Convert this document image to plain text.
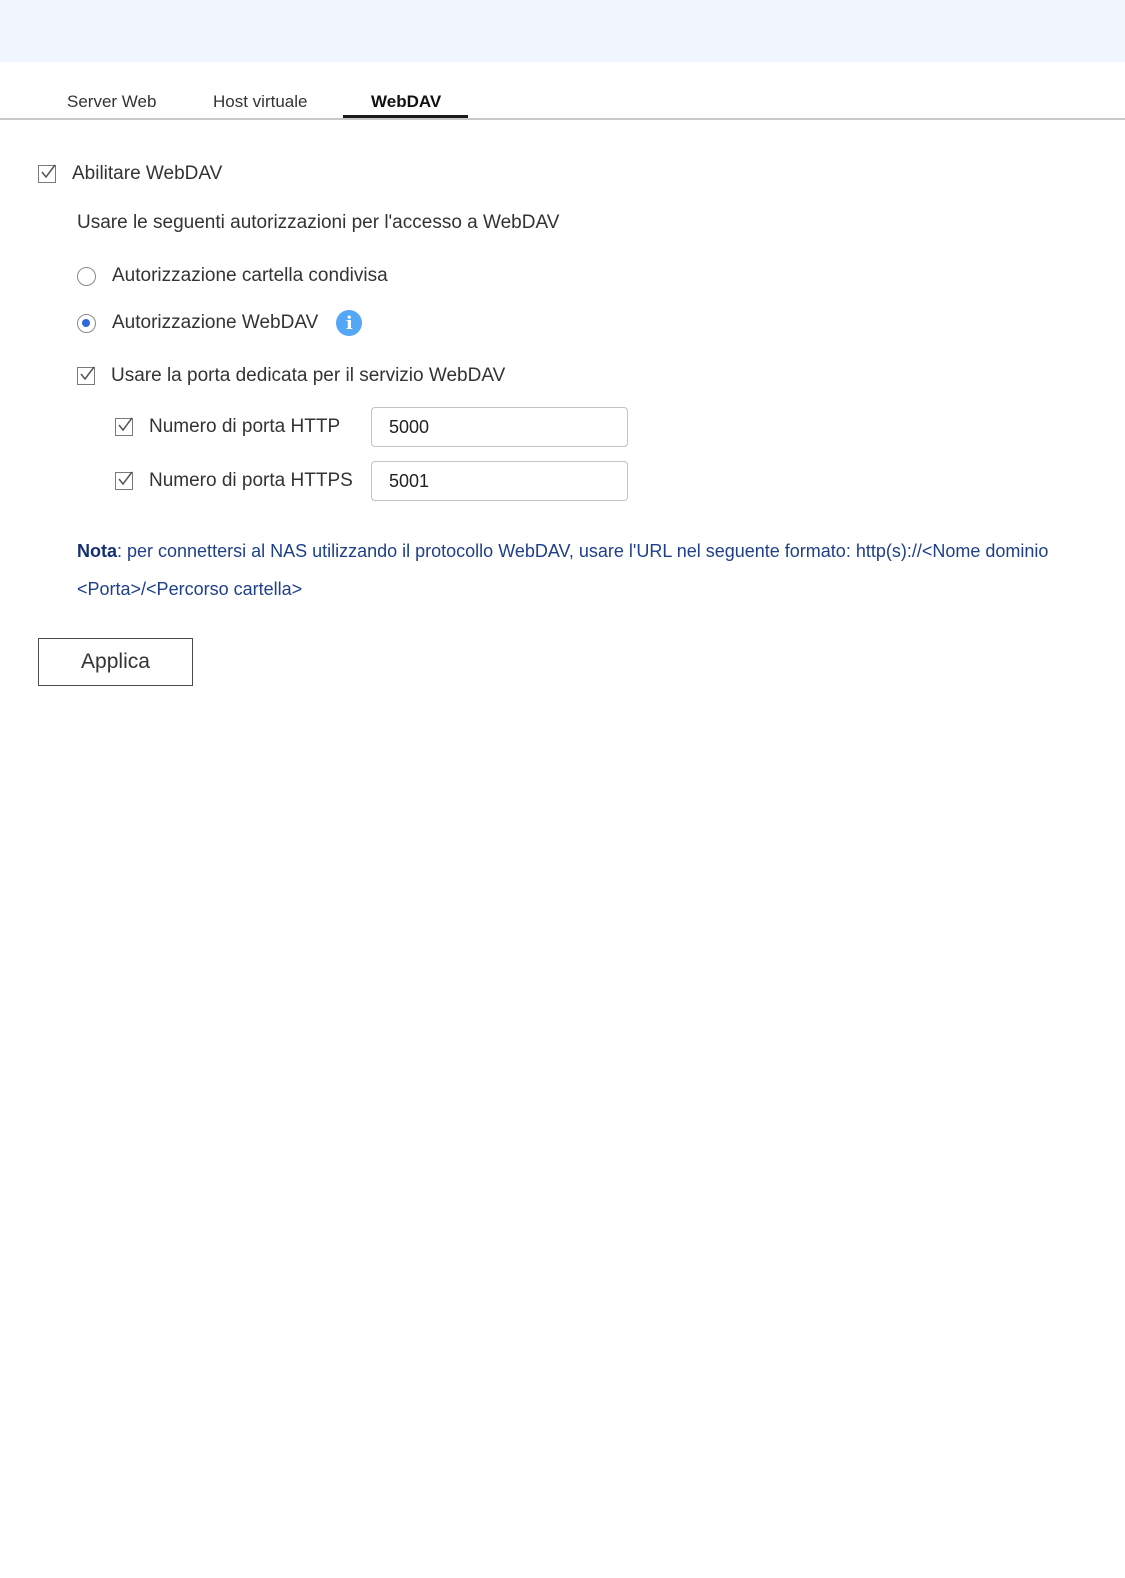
Server Web	Host virtuale	WebDAV
Abilitare WebDAV
Usare le seguenti autorizzazioni per l'accesso a WebDAV
Autorizzazione cartella condivisa
Autorizzazione WebDAV	i
Usare la porta dedicata per il servizio WebDAV
Numero di porta HTTP
5000
Numero di porta HTTPS
5001
Nota: per connettersi al NAS utilizzando il protocollo WebDAV, usare l'URL nel seguente formato: http(s)://<Nome dominio
<Porta>/<Percorso cartella>
Applica
